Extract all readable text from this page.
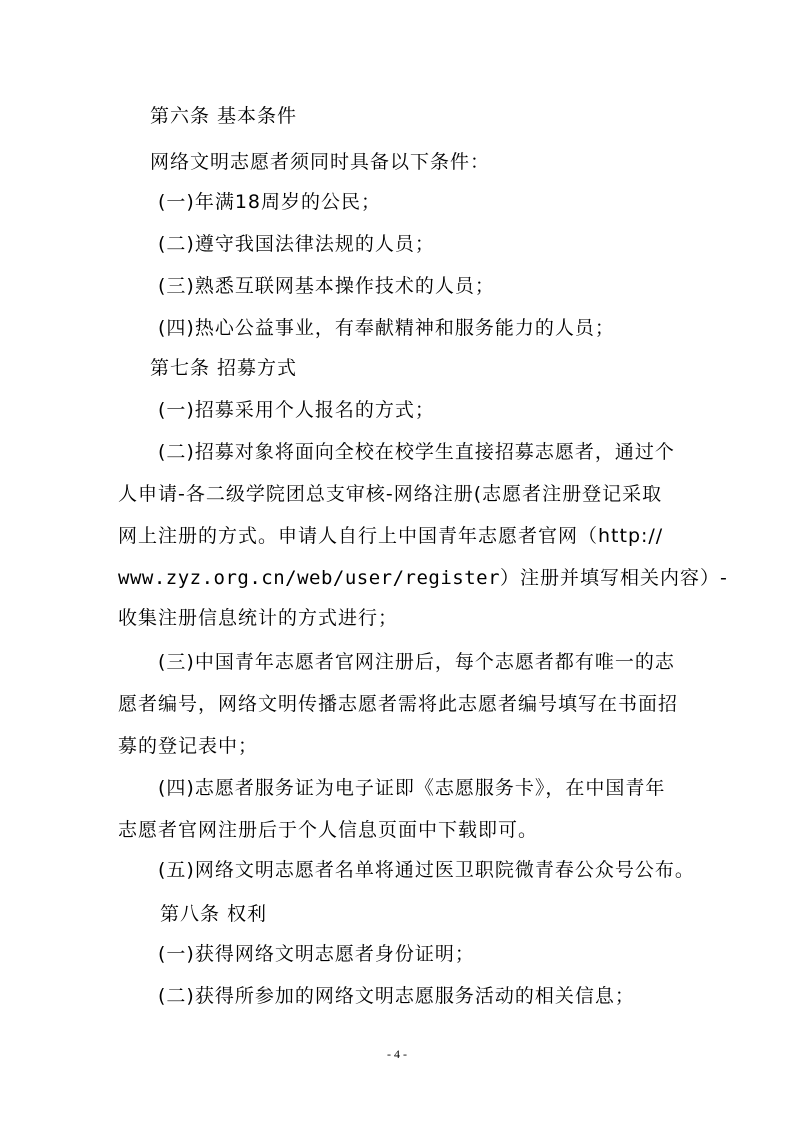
第六条 基本条件
网络文明志愿者须同时具备以下条件：
(一)年满18周岁的公民；
(二)遵守我国法律法规的人员；
(三)熟悉互联网基本操作技术的人员；
(四)热心公益事业，有奉献精神和服务能力的人员；
第七条 招募方式
(一)招募采用个人报名的方式；
(二)招募对象将面向全校在校学生直接招募志愿者，通过个
人申请-各二级学院团总支审核-网络注册(志愿者注册登记采取
网上注册的方式。申请人自行上中国青年志愿者官网（http://
www.zyz.org.cn/web/user/register）注册并填写相关内容）-
收集注册信息统计的方式进行；
(三)中国青年志愿者官网注册后，每个志愿者都有唯一的志
愿者编号，网络文明传播志愿者需将此志愿者编号填写在书面招
募的登记表中；
(四)志愿者服务证为电子证即《志愿服务卡》，在中国青年
志愿者官网注册后于个人信息页面中下载即可。
(五)网络文明志愿者名单将通过医卫职院微青春公众号公布。
第八条 权利
(一)获得网络文明志愿者身份证明；
(二)获得所参加的网络文明志愿服务活动的相关信息；
- 4 -
